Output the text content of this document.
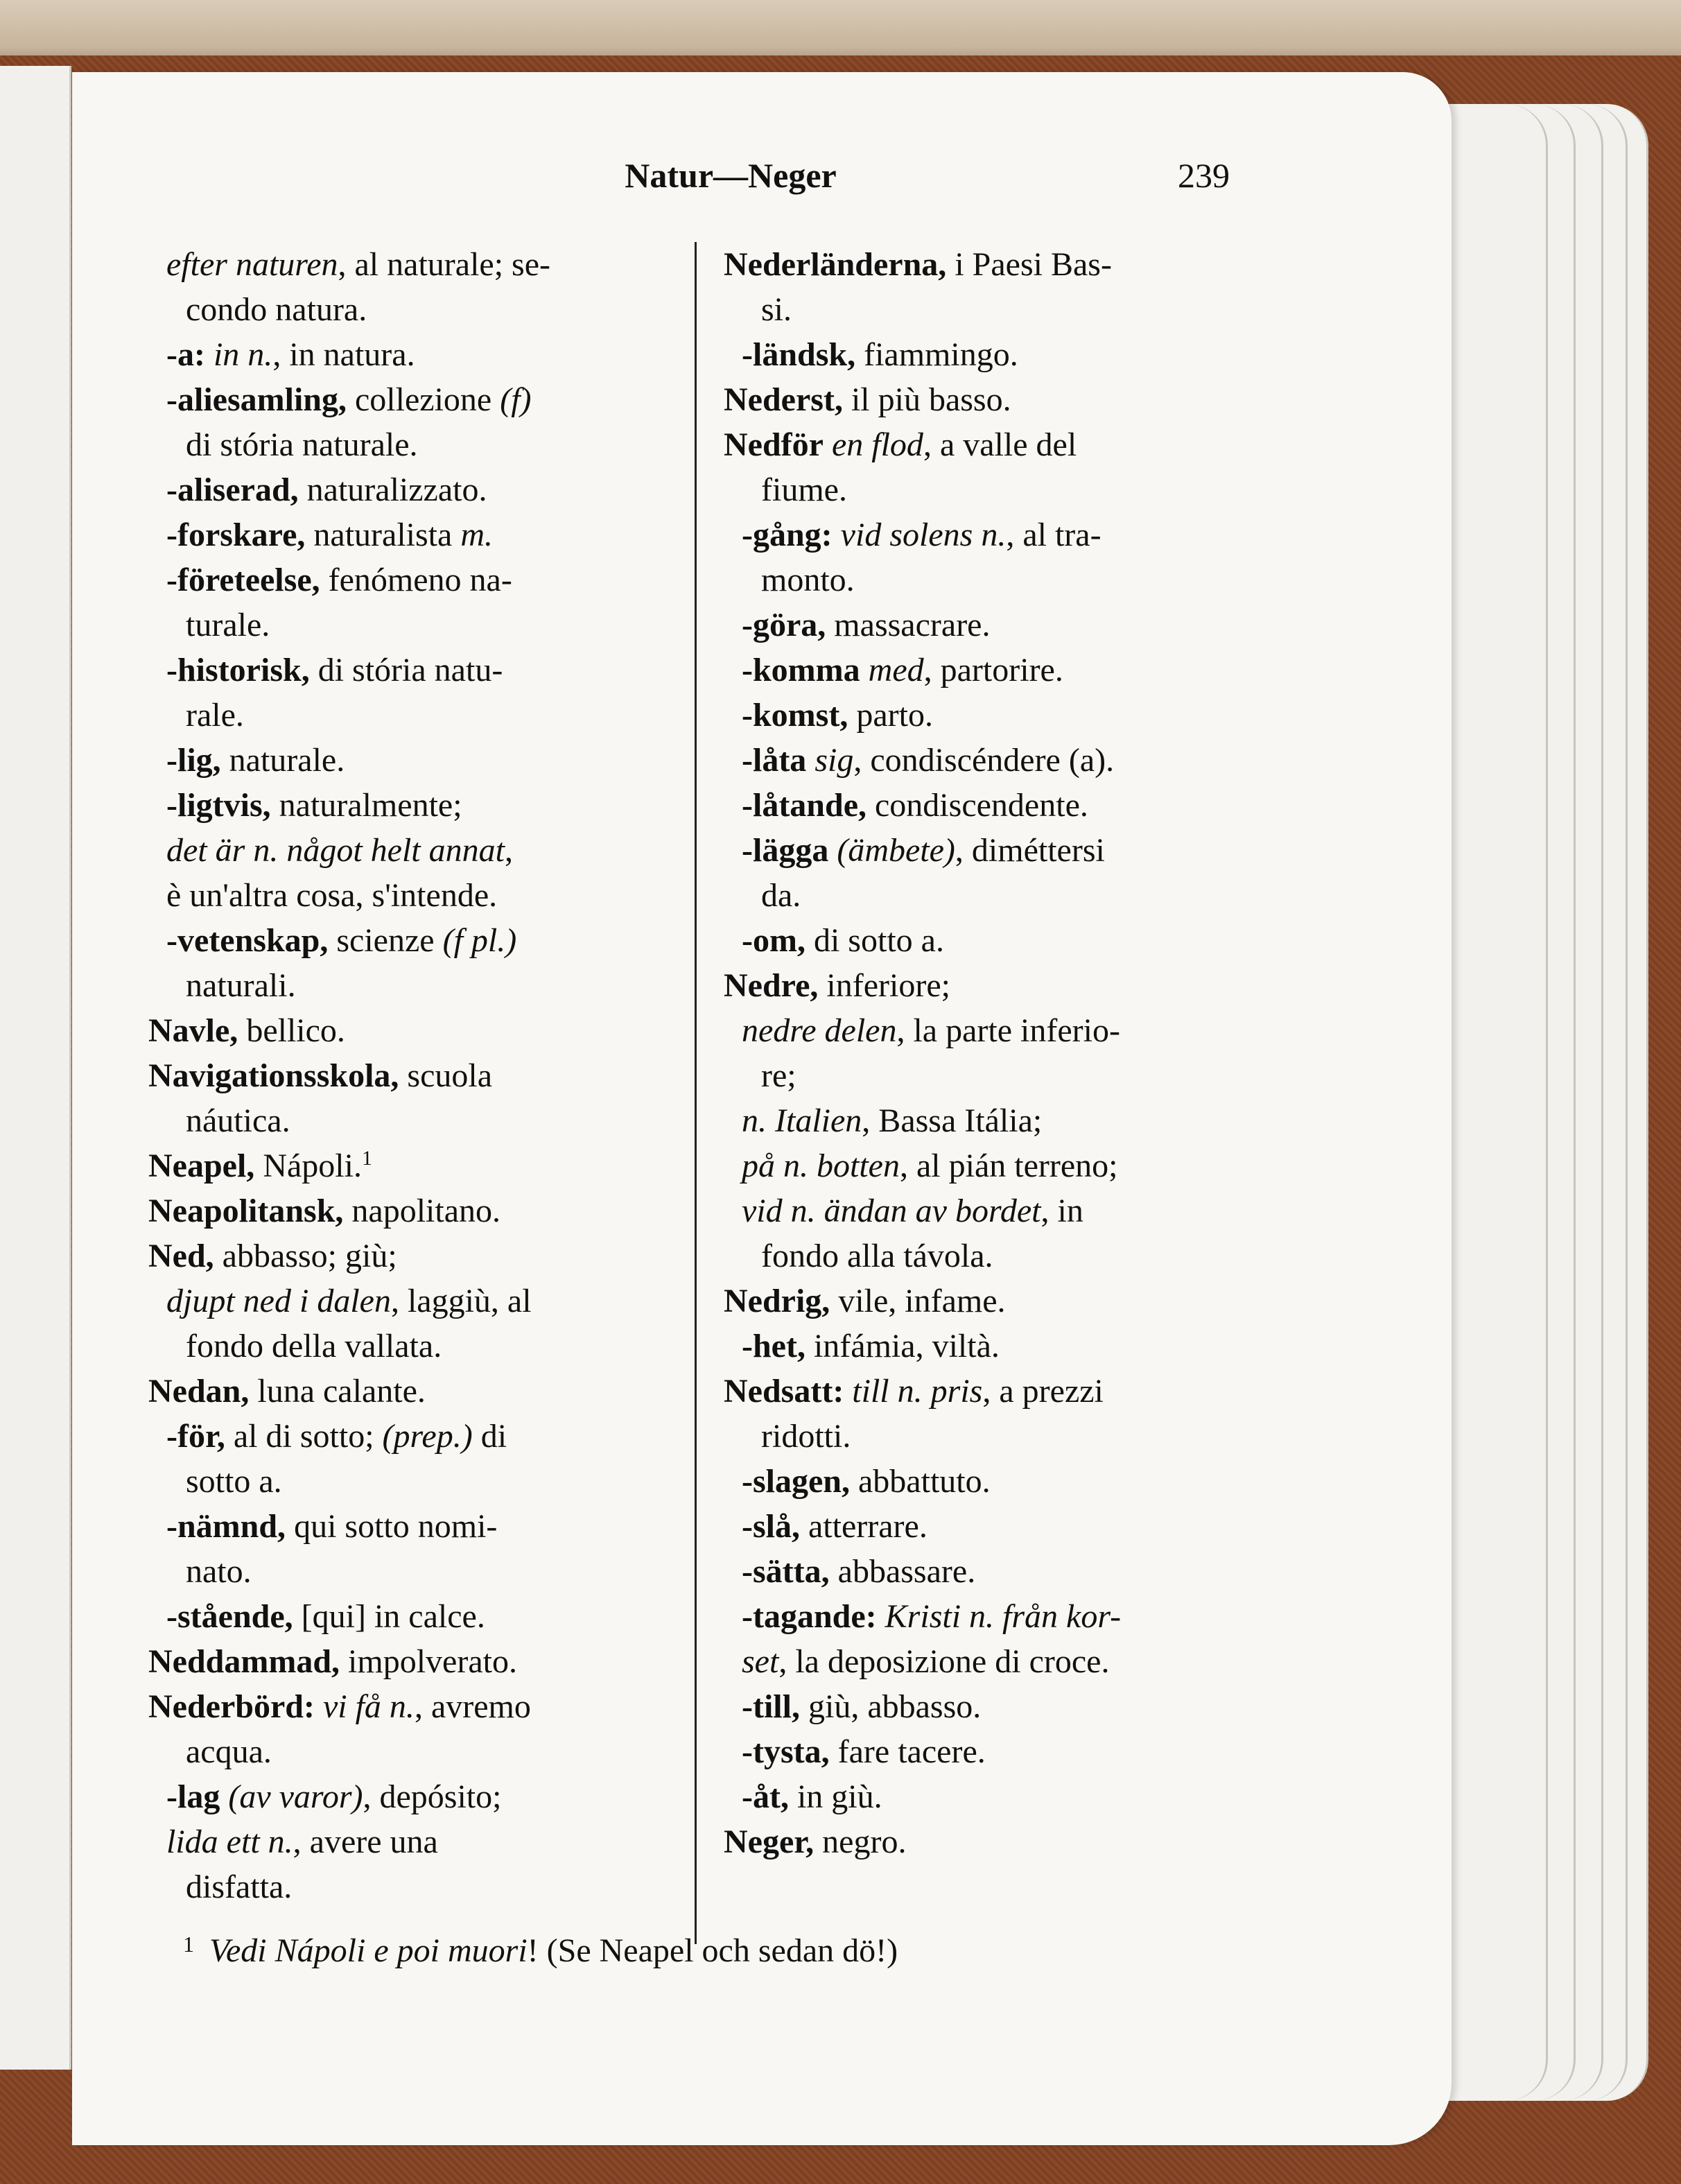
Natur—Neger	239
efter naturen, al naturale; se-
condo natura.
-a: in n., in natura.
-aliesamling, collezione (f)
di stória naturale.
-aliserad, naturalizzato.
-forskare, naturalista m.
-företeelse, fenómeno na-
turale.
-historisk, di stória natu-
rale.
-lig, naturale.
-ligtvis, naturalmente;
det är n. något helt annat,
è un'altra cosa, s'intende.
-vetenskap, scienze (f pl.)
naturali.
Navle, bellico.
Navigationsskola, scuola
náutica.
Neapel, Nápoli.$^1$
Neapolitansk, napolitano.
Ned, abbasso; giù;
djupt ned i dalen, laggiù, al
fondo della vallata.
Nedan, luna calante.
-för, al di sotto; (prep.) di
sotto a.
-nämnd, qui sotto nomi-
nato.
-stående, [qui] in calce.
Neddammad, impolverato.
Nederbörd: vi få n., avremo
acqua.
-lag (av varor), depósito;
lida ett n., avere una
disfatta.
Nederländerna, i Paesi Bas-
si.
-ländsk, fiammingo.
Nederst, il più basso.
Nedför en flod, a valle del
fiume.
-gång: vid solens n., al tra-
monto.
-göra, massacrare.
-komma med, partorire.
-komst, parto.
-låta sig, condiscéndere (a).
-låtande, condiscendente.
-lägga (ämbete), diméttersi
da.
-om, di sotto a.
Nedre, inferiore;
nedre delen, la parte inferio-
re;
n. Italien, Bassa Itália;
på n. botten, al pián terreno;
vid n. ändan av bordet, in
fondo alla távola.
Nedrig, vile, infame.
-het, infámia, viltà.
Nedsatt: till n. pris, a prezzi
ridotti.
-slagen, abbattuto.
-slå, atterrare.
-sätta, abbassare.
-tagande: Kristi n. från kor-
set, la deposizione di croce.
-till, giù, abbasso.
-tysta, fare tacere.
-åt, in giù.
Neger, negro.
$^1$ Vedi Nápoli e poi muori! (Se Neapel och sedan dö!)
